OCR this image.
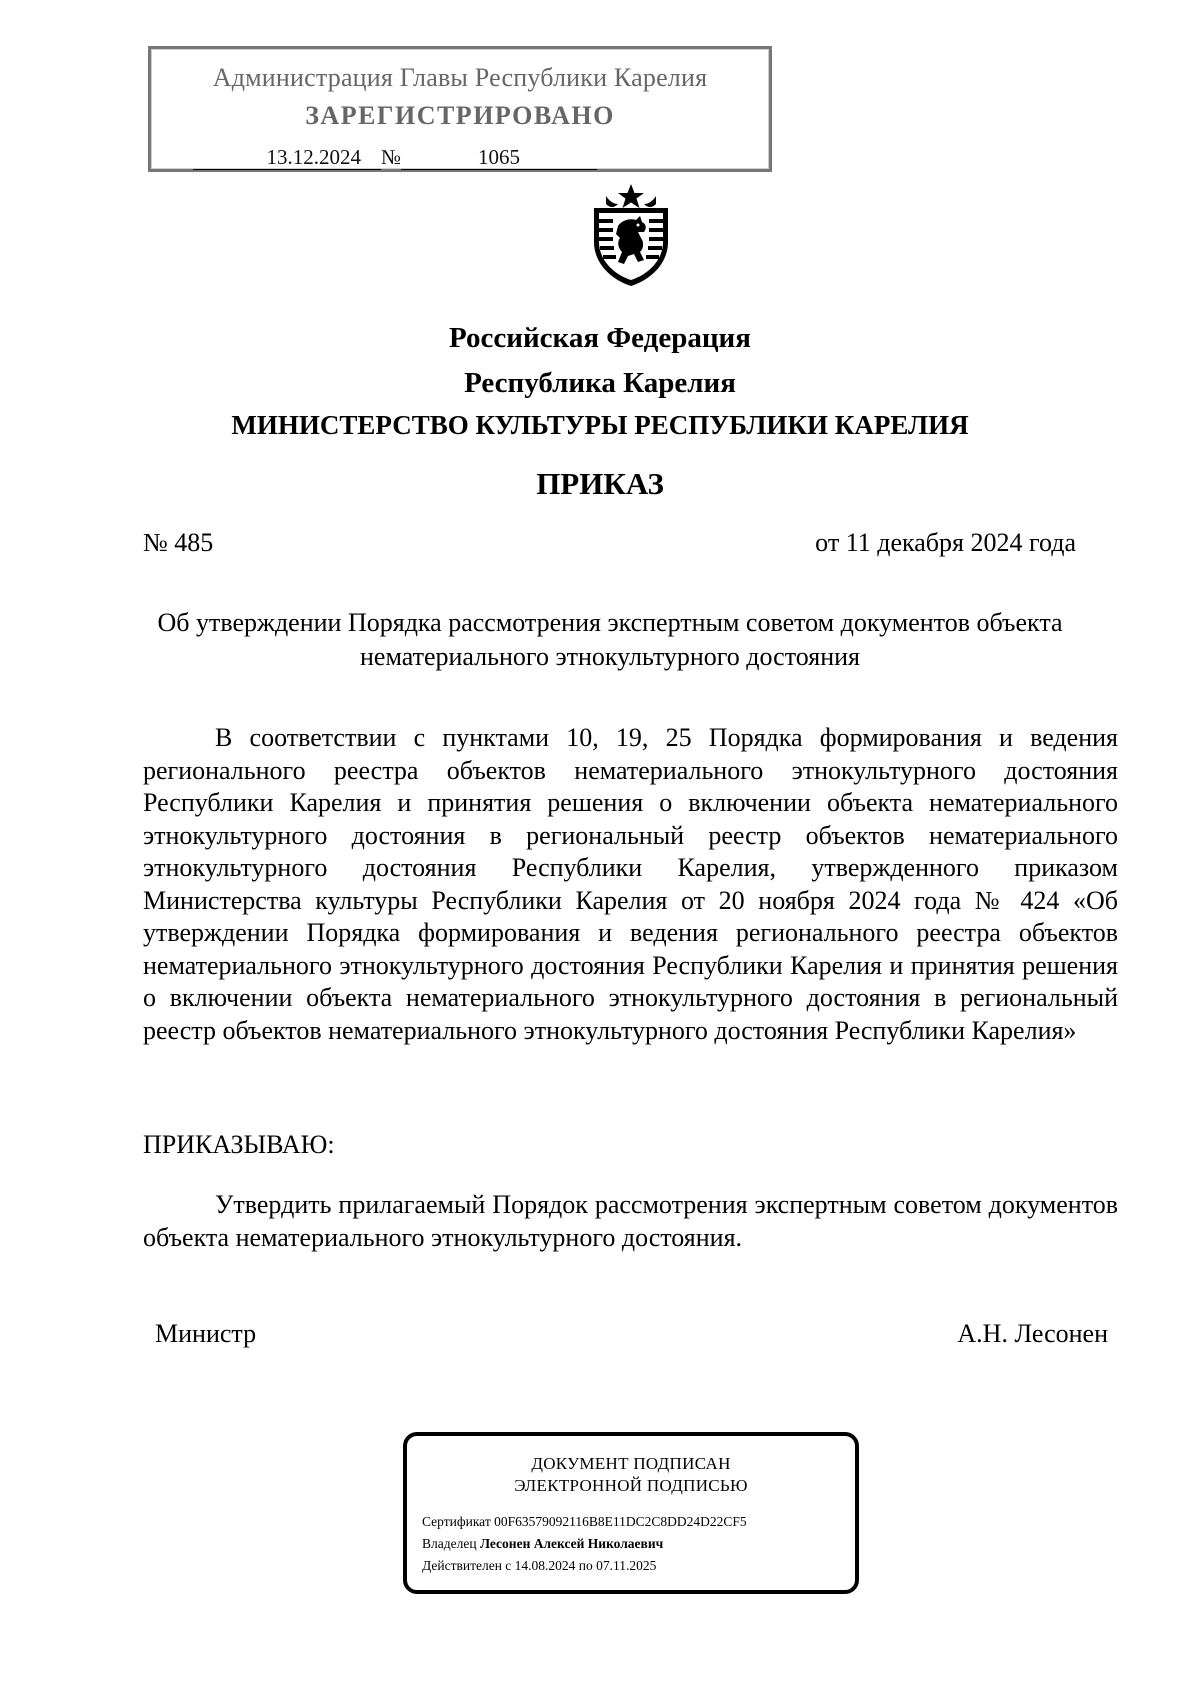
Администрация Главы Республики Карелия
ЗАРЕГИСТРИРОВАНО
13.12.2024 №	1065
Российская Федерация
Республика Карелия
МИНИСТЕРСТВО КУЛЬТУРЫ РЕСПУБЛИКИ КАРЕЛИЯ
ПРИКАЗ
№ 485	от 11 декабря 2024 года
Об утверждении Порядка рассмотрения экспертным советом документов объекта нематериального этнокультурного достояния
В соответствии с пунктами 10, 19, 25 Порядка формирования и ведения регионального реестра объектов нематериального этнокультурного достояния Республики Карелия и принятия решения о включении объекта нематериального этнокультурного достояния в региональный реестр объектов нематериального этнокультурного достояния Республики Карелия, утвержденного приказом Министерства культуры Республики Карелия от 20 ноября 2024 года № 424 «Об утверждении Порядка формирования и ведения регионального реестра объектов нематериального этнокультурного достояния Республики Карелия и принятия решения о включении объекта нематериального этнокультурного достояния в региональный реестр объектов нематериального этнокультурного достояния Республики Карелия»
ПРИКАЗЫВАЮ:
Утвердить прилагаемый Порядок рассмотрения экспертным советом документов объекта нематериального этнокультурного достояния.
Министр	А.Н. Лесонен
ДОКУМЕНТ ПОДПИСАН
ЭЛЕКТРОННОЙ ПОДПИСЬЮ
Сертификат 00F63579092116B8E11DC2C8DD24D22CF5
Владелец Лесонен Алексей Николаевич
Действителен с 14.08.2024 по 07.11.2025
